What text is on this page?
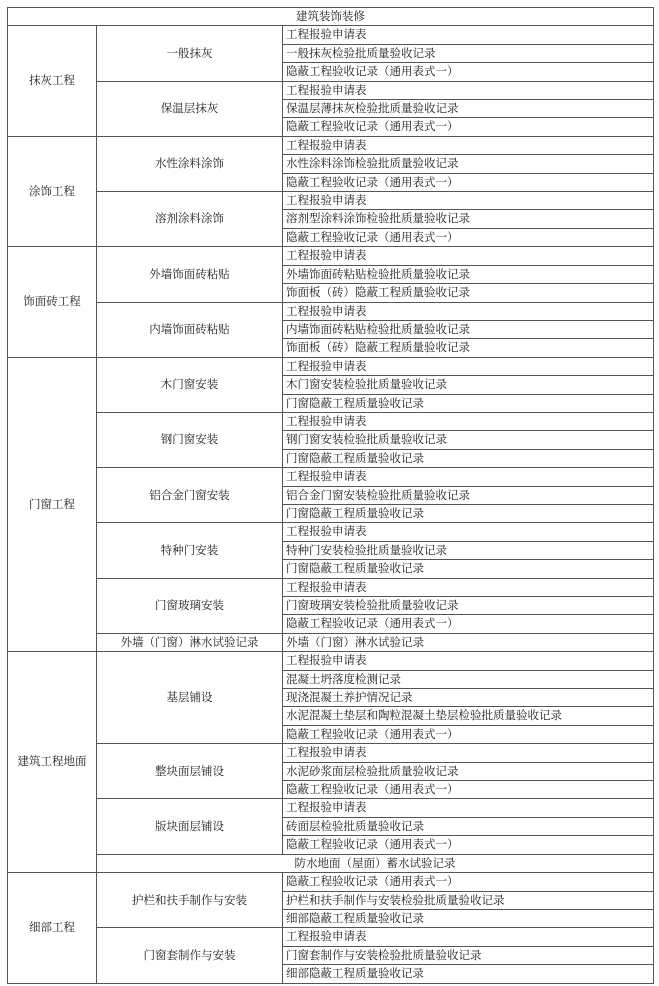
建筑装饰装修		
抹灰工程	一般抹灰	工程报验申请表
		一般抹灰检验批质量验收记录
		隐蔽工程验收记录（通用表式一）
	保温层抹灰	工程报验申请表
		保温层薄抹灰检验批质量验收记录
		隐蔽工程验收记录（通用表式一）
涂饰工程	水性涂料涂饰	工程报验申请表
		水性涂料涂饰检验批质量验收记录
		隐蔽工程验收记录（通用表式一）
	溶剂涂料涂饰	工程报验申请表
		溶剂型涂料涂饰检验批质量验收记录
		隐蔽工程验收记录（通用表式一）
饰面砖工程	外墙饰面砖粘贴	工程报验申请表
		外墙饰面砖粘贴检验批质量验收记录
		饰面板（砖）隐蔽工程质量验收记录
	内墙饰面砖粘贴	工程报验申请表
		内墙饰面砖粘贴检验批质量验收记录
		饰面板（砖）隐蔽工程质量验收记录
门窗工程	木门窗安装	工程报验申请表
		木门窗安装检验批质量验收记录
		门窗隐蔽工程质量验收记录
	钢门窗安装	工程报验申请表
		钢门窗安装检验批质量验收记录
		门窗隐蔽工程质量验收记录
	铝合金门窗安装	工程报验申请表
		铝合金门窗安装检验批质量验收记录
		门窗隐蔽工程质量验收记录
	特种门安装	工程报验申请表
		特种门安装检验批质量验收记录
		门窗隐蔽工程质量验收记录
	门窗玻璃安装	工程报验申请表
		门窗玻璃安装检验批质量验收记录
		隐蔽工程验收记录（通用表式一）
	外墙（门窗）淋水试验记录	外墙（门窗）淋水试验记录
建筑工程地面	基层铺设	工程报验申请表
		混凝土坍落度检测记录
		现浇混凝土养护情况记录
		水泥混凝土垫层和陶粒混凝土垫层检验批质量验收记录
		隐蔽工程验收记录（通用表式一）
	整块面层铺设	工程报验申请表
		水泥砂浆面层检验批质量验收记录
		隐蔽工程验收记录（通用表式一）
	版块面层铺设	工程报验申请表
		砖面层检验批质量验收记录
		隐蔽工程验收记录（通用表式一）
	防水地面（屋面）蓄水试验记录	
细部工程	护栏和扶手制作与安装	隐蔽工程验收记录（通用表式一）
		护栏和扶手制作与安装检验批质量验收记录
		细部隐蔽工程质量验收记录
	门窗套制作与安装	工程报验申请表
		门窗套制作与安装检验批质量验收记录
		细部隐蔽工程质量验收记录
